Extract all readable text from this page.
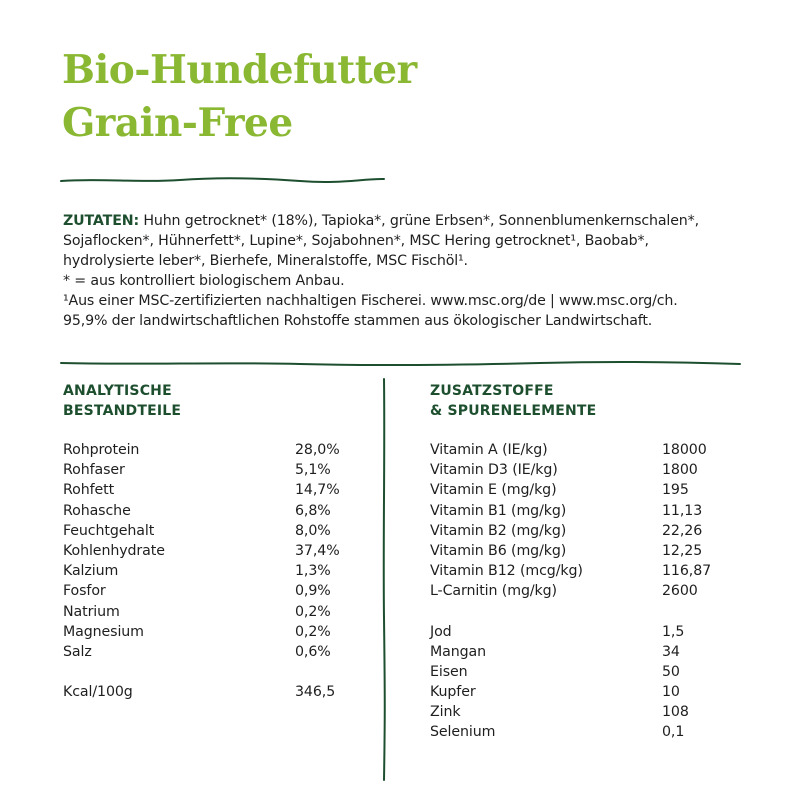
Bio-Hundefutter
Grain-Free

ZUTATEN: Huhn getrocknet* (18%), Tapioka*, grüne Erbsen*, Sonnenblumenkernschalen*,

Sojaflocken*, Hühnerfett*, Lupine*, Sojabohnen*, MSC Hering getrocknet¹, Baobab*,

hydrolysierte leber*, Bierhefe, Mineralstoffe, MSC Fischöl¹.

* = aus kontrolliert biologischem Anbau.

¹Aus einer MSC-zertifizierten nachhaltigen Fischerei. www.msc.org/de | www.msc.org/ch.

95,9% der landwirtschaftlichen Rohstoffe stammen aus ökologischer Landwirtschaft.

ANALYTISCHE
BESTANDTEILE
Rohprotein	28,0%
Rohfaser	5,1%
Rohfett	14,7%
Rohasche	6,8%
Feuchtgehalt	8,0%
Kohlenhydrate	37,4%
Kalzium	1,3%
Fosfor	0,9%
Natrium	0,2%
Magnesium	0,2%
Salz	0,6%
Kcal/100g	346,5
ZUSATZSTOFFE
& SPURENELEMENTE
Vitamin A (IE/kg)	18000
Vitamin D3 (IE/kg)	1800
Vitamin E (mg/kg)	195
Vitamin B1 (mg/kg)	11,13
Vitamin B2 (mg/kg)	22,26
Vitamin B6 (mg/kg)	12,25
Vitamin B12 (mcg/kg)	116,87
L-Carnitin (mg/kg)	2600
Jod	1,5
Mangan	34
Eisen	50
Kupfer	10
Zink	108
Selenium	0,1
